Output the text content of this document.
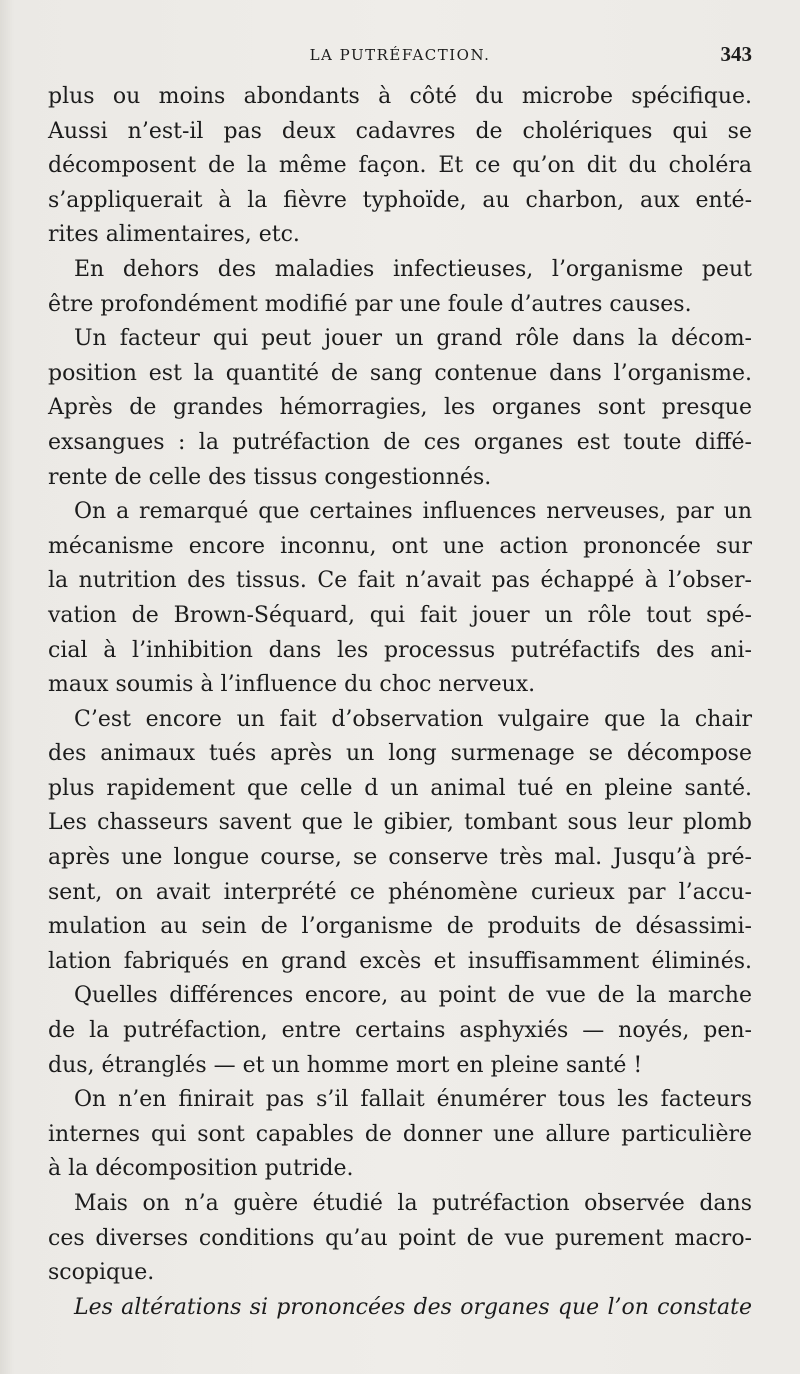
LA PUTRÉFACTION.	343
plus ou moins abondants à côté du microbe spécifique.
Aussi n’est-il pas deux cadavres de cholériques qui se
décomposent de la même façon. Et ce qu’on dit du choléra
s’appliquerait à la fièvre typhoïde, au charbon, aux enté-
rites alimentaires, etc.
En dehors des maladies infectieuses, l’organisme peut
être profondément modifié par une foule d’autres causes.
Un facteur qui peut jouer un grand rôle dans la décom-
position est la quantité de sang contenue dans l’organisme.
Après de grandes hémorragies, les organes sont presque
exsangues : la putréfaction de ces organes est toute diffé-
rente de celle des tissus congestionnés.
On a remarqué que certaines influences nerveuses, par un
mécanisme encore inconnu, ont une action prononcée sur
la nutrition des tissus. Ce fait n’avait pas échappé à l’obser-
vation de Brown-Séquard, qui fait jouer un rôle tout spé-
cial à l’inhibition dans les processus putréfactifs des ani-
maux soumis à l’influence du choc nerveux.
C’est encore un fait d’observation vulgaire que la chair
des animaux tués après un long surmenage se décompose
plus rapidement que celle d un animal tué en pleine santé.
Les chasseurs savent que le gibier, tombant sous leur plomb
après une longue course, se conserve très mal. Jusqu’à pré-
sent, on avait interprété ce phénomène curieux par l’accu-
mulation au sein de l’organisme de produits de désassimi-
lation fabriqués en grand excès et insuffisamment éliminés.
Quelles différences encore, au point de vue de la marche
de la putréfaction, entre certains asphyxiés — noyés, pen-
dus, étranglés — et un homme mort en pleine santé !
On n’en finirait pas s’il fallait énumérer tous les facteurs
internes qui sont capables de donner une allure particulière
à la décomposition putride.
Mais on n’a guère étudié la putréfaction observée dans
ces diverses conditions qu’au point de vue purement macro-
scopique.
Les altérations si prononcées des organes que l’on constate
